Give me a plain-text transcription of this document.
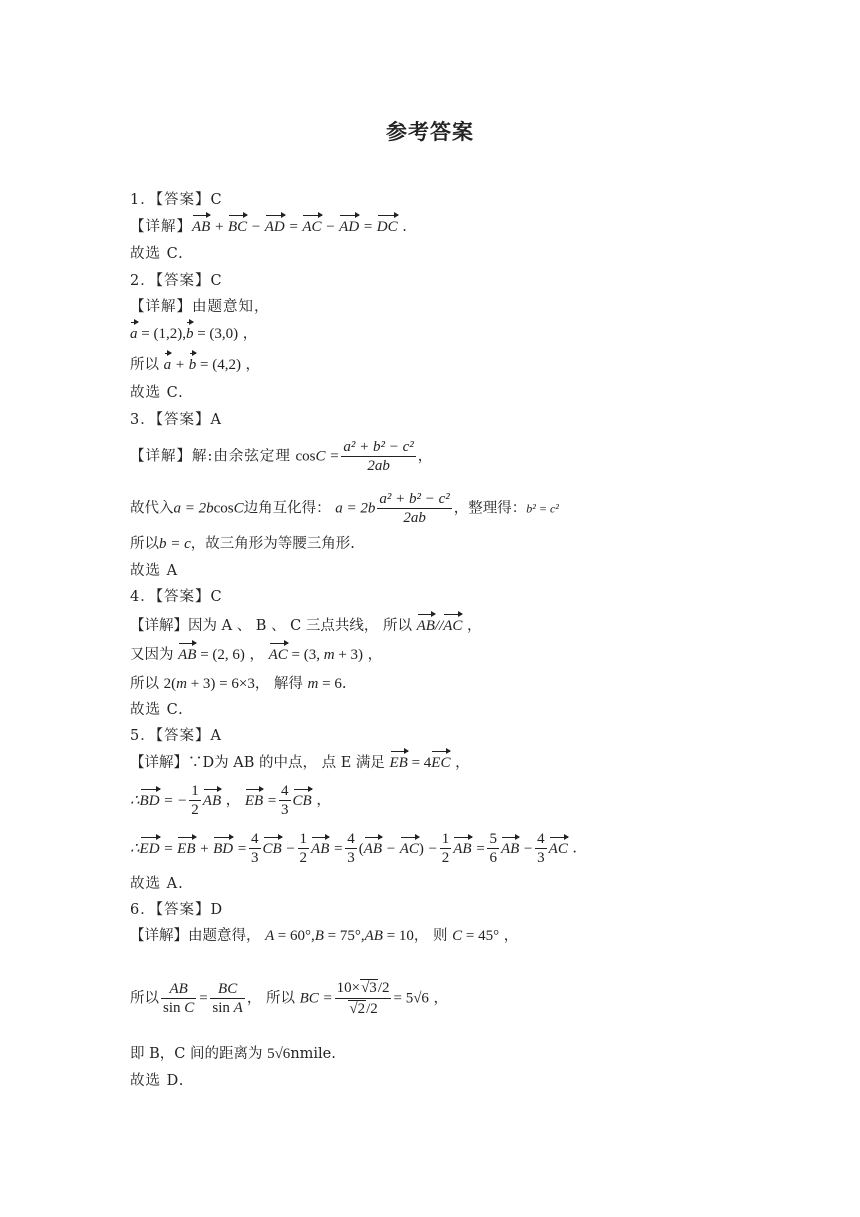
参考答案
1．【答案】C
【详解】AB + BC − AD = AC − AD = DC .
故选 C.
2．【答案】C
【详解】由题意知，
a = (1,2),b = (3,0) ，
所以 a + b = (4,2) ，
故选 C.
3．【答案】A
【详解】解:由余弦定理 $\cos C = \frac{\text{a² + b² − c²}}{2ab}$ ，
故代入a = 2bcosC边角互化得： $a = 2b \frac{\text{a² + b² − c²}}{2ab}$ ，整理得：b² = c²
所以b = c，故三角形为等腰三角形.
故选 A
4．【答案】C
【详解】因为 A 、 B 、 C 三点共线， 所以 AB//AC ，
又因为 AB = (2, 6) ， AC = (3, m + 3) ，
所以 2(m + 3) = 6×3， 解得 m = 6.
故选 C.
5．【答案】A
【详解】∵D为 AB 的中点， 点 E 满足 EB = 4EC ，
∴BD = − $\frac{1}{2}$ AB ， EB = $\frac{4}{3}$ CB ，
∴ED = EB + BD = $\frac{4}{3}$ CB − $\frac{1}{2}$ AB = $\frac{4}{3} (AB - AC) - \frac{1}{2}$ AB = $\frac{5}{6}$ AB − $\frac{4}{3}$ AC .
故选 A.
6．【答案】D
【详解】由题意得， A = 60°,B = 75°,AB = 10， 则 C = 45° ，
所以 $\frac{AB}{\text{sin C}} = \frac{BC}{\text{sin A}}$ ， 所以 BC = $\frac{10\times√3/2}{√2/2} = 5√6$ ，
即 B，C 间的距离为 5√6nmile.
故选 D.
